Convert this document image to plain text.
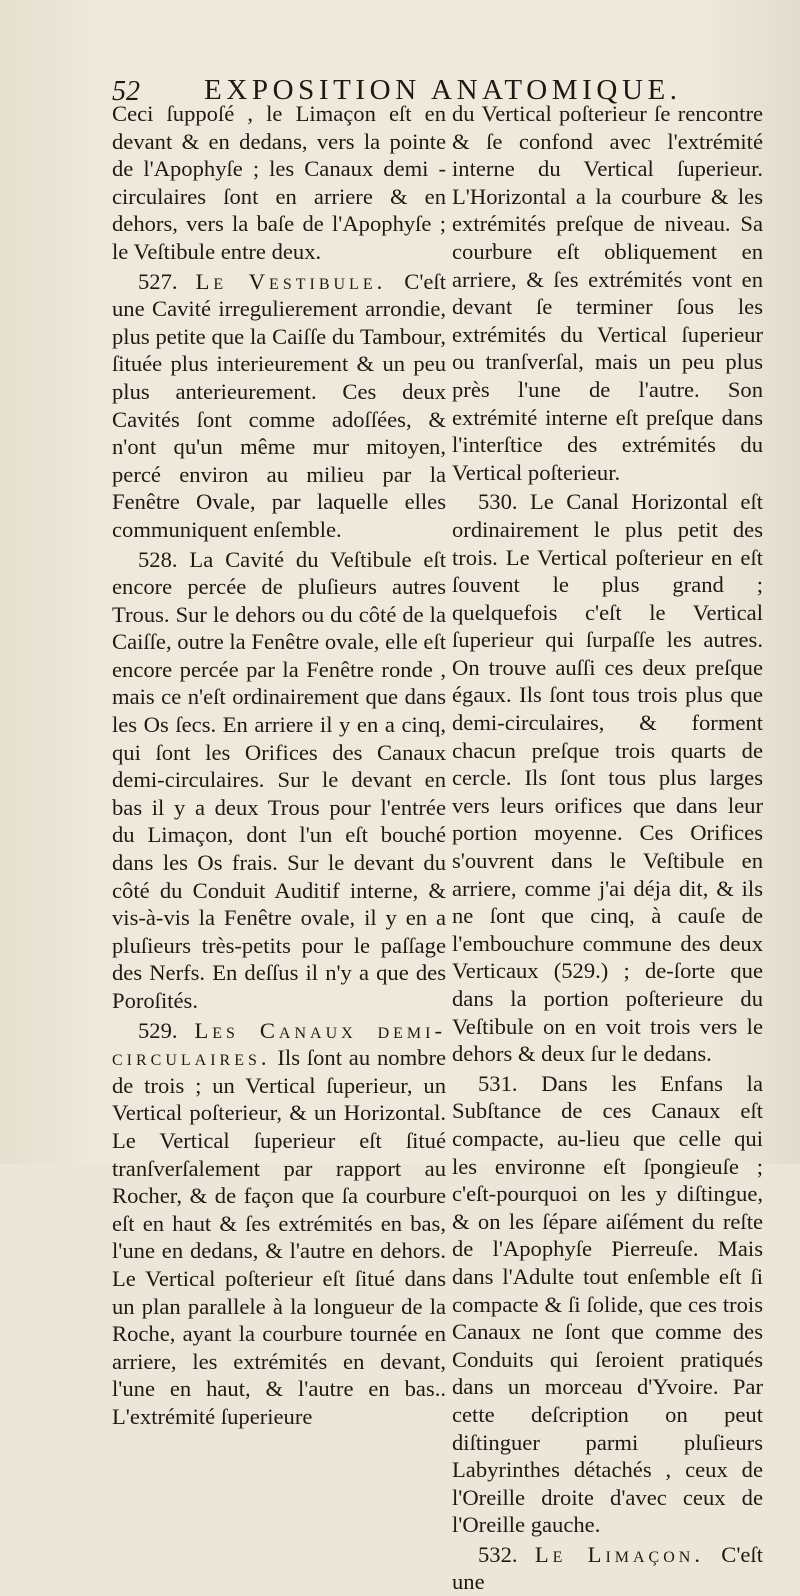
52 EXPOSITION ANATOMIQUE.

Ceci ſuppoſé , le Limaçon eſt en devant & en dedans, vers la pointe de l'Apophyſe ; les Canaux demi - circulaires ſont en arriere & en dehors, vers la baſe de l'Apophyſe ; le Veſtibule entre deux.

527. Le Vestibule. C'eſt une Cavité irregulierement arrondie, plus petite que la Caiſſe du Tambour, ſituée plus interieurement & un peu plus anterieurement. Ces deux Cavités ſont comme adoſſées, & n'ont qu'un même mur mitoyen, percé environ au milieu par la Fenêtre Ovale, par laquelle elles communiquent enſemble.

528. La Cavité du Veſtibule eſt encore percée de pluſieurs autres Trous. Sur le dehors ou du côté de la Caiſſe, outre la Fenêtre ovale, elle eſt encore percée par la Fenêtre ronde , mais ce n'eſt ordinairement que dans les Os ſecs. En arriere il y en a cinq, qui ſont les Orifices des Canaux demi-circulaires. Sur le devant en bas il y a deux Trous pour l'entrée du Limaçon, dont l'un eſt bouché dans les Os frais. Sur le devant du côté du Conduit Auditif interne, & vis-à-vis la Fenêtre ovale, il y en a pluſieurs très-petits pour le paſſage des Nerfs. En deſſus il n'y a que des Poroſités.

529. Les Canaux demi-circulaires. Ils ſont au nombre de trois ; un Vertical ſuperieur, un Vertical poſterieur, & un Horizontal. Le Vertical ſuperieur eſt ſitué tranſverſalement par rapport au Rocher, & de façon que ſa courbure eſt en haut & ſes extrémités en bas, l'une en dedans, & l'autre en dehors. Le Vertical poſterieur eſt ſitué dans un plan parallele à la longueur de la Roche, ayant la courbure tournée en arriere, les extrémités en devant, l'une en haut, & l'autre en bas.. L'extrémité ſuperieure

du Vertical poſterieur ſe rencontre & ſe confond avec l'extrémité interne du Vertical ſuperieur. L'Horizontal a la courbure & les extrémités preſque de niveau. Sa courbure eſt obliquement en arriere, & ſes extrémités vont en devant ſe terminer ſous les extrémités du Vertical ſuperieur ou tranſverſal, mais un peu plus près l'une de l'autre. Son extrémité interne eſt preſque dans l'interſtice des extrémités du Vertical poſterieur.

530. Le Canal Horizontal eſt ordinairement le plus petit des trois. Le Vertical poſterieur en eſt ſouvent le plus grand ; quelquefois c'eſt le Vertical ſuperieur qui ſurpaſſe les autres. On trouve auſſi ces deux preſque égaux. Ils ſont tous trois plus que demi-circulaires, & forment chacun preſque trois quarts de cercle. Ils ſont tous plus larges vers leurs orifices que dans leur portion moyenne. Ces Orifices s'ouvrent dans le Veſtibule en arriere, comme j'ai déja dit, & ils ne ſont que cinq, à cauſe de l'embouchure commune des deux Verticaux (529.) ; de-ſorte que dans la portion poſterieure du Veſtibule on en voit trois vers le dehors & deux ſur le dedans.

531. Dans les Enfans la Subſtance de ces Canaux eſt compacte, au-lieu que celle qui les environne eſt ſpongieuſe ; c'eſt-pourquoi on les y diſtingue, & on les ſépare aiſément du reſte de l'Apophyſe Pierreuſe. Mais dans l'Adulte tout enſemble eſt ſi compacte & ſi ſolide, que ces trois Canaux ne ſont que comme des Conduits qui ſeroient pratiqués dans un morceau d'Yvoire. Par cette deſcription on peut diſtinguer parmi pluſieurs Labyrinthes détachés , ceux de l'Oreille droite d'avec ceux de l'Oreille gauche.

532. Le Limaçon. C'eſt une
